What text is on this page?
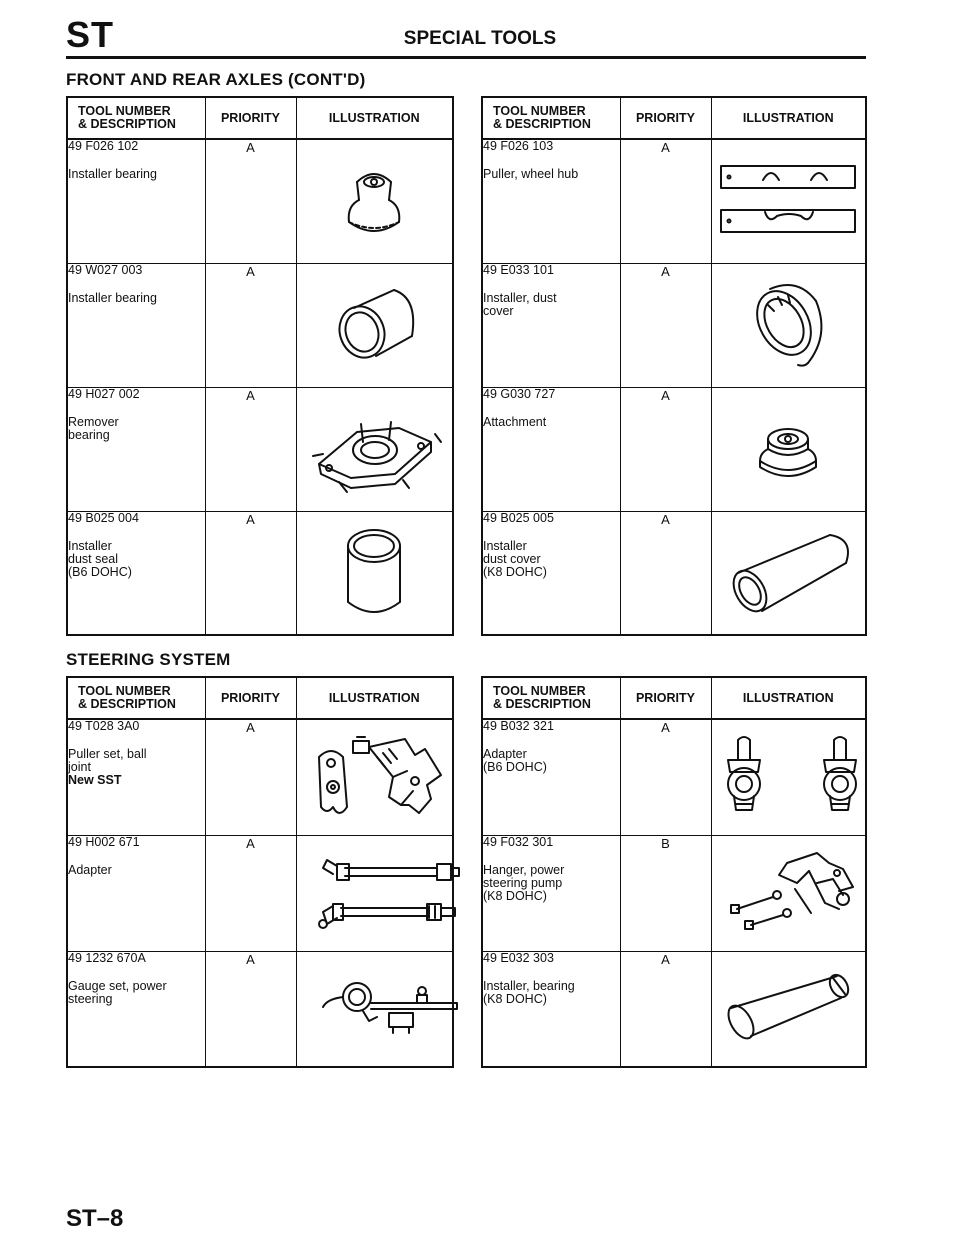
ST	SPECIAL TOOLS
FRONT AND REAR AXLES (CONT'D)
STEERING SYSTEM
TOOL NUMBER
& DESCRIPTION	PRIORITY	ILLUSTRATION

49 F026 102
Installer bearing	A	

49 W027 003
Installer bearing	A	

49 H027 002
Remover
bearing	A	

49 B025 004
Installer
dust seal
(B6 DOHC)	A	
TOOL NUMBER
& DESCRIPTION	PRIORITY	ILLUSTRATION

49 F026 103
Puller, wheel hub	A	

49 E033 101
Installer, dust
cover	A	

49 G030 727
Attachment	A	

49 B025 005
Installer
dust cover
(K8 DOHC)	A	
TOOL NUMBER
& DESCRIPTION	PRIORITY	ILLUSTRATION

49 T028 3A0
Puller set, ball
joint
New SST	A	

49 H002 671
Adapter	A	

49 1232 670A
Gauge set, power
steering	A	
TOOL NUMBER
& DESCRIPTION	PRIORITY	ILLUSTRATION

49 B032 321
Adapter
(B6 DOHC)	A	

49 F032 301
Hanger, power
steering pump
(K8 DOHC)	B	

49 E032 303
Installer, bearing
(K8 DOHC)	A	
ST–8
